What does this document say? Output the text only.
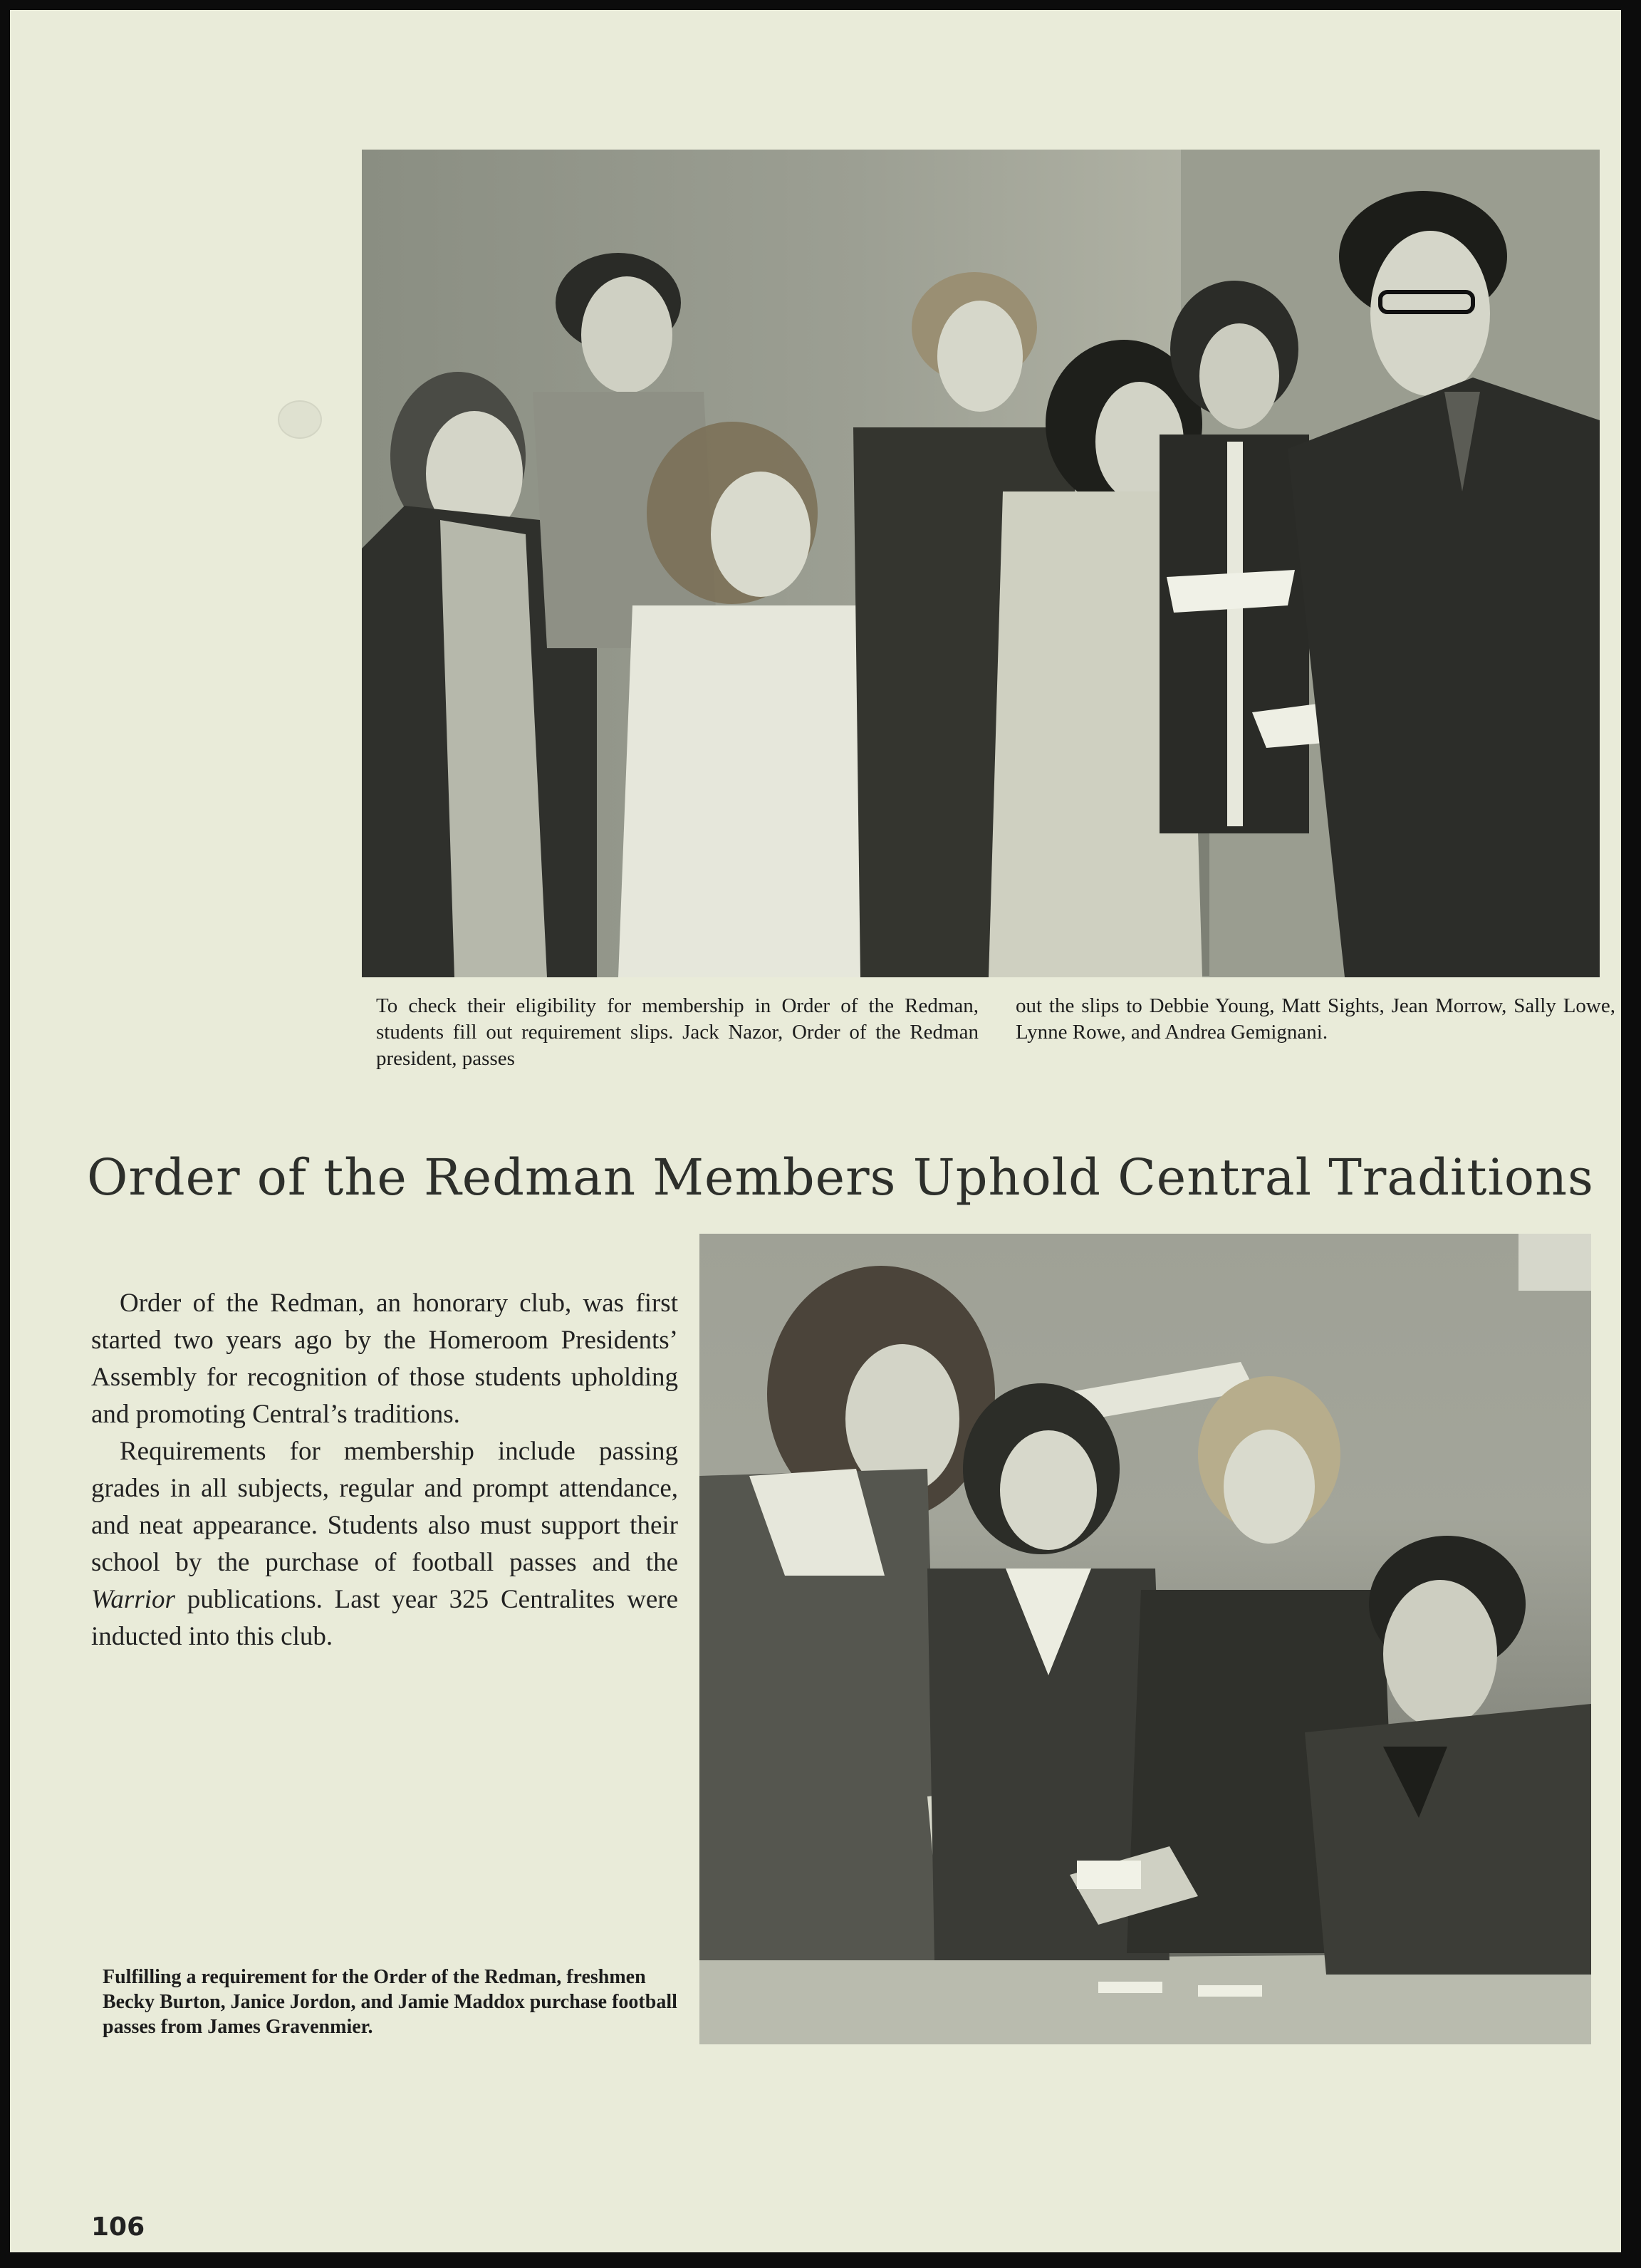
To check their eligibility for membership in Order of the Redman, students fill out requirement slips. Jack Nazor, Order of the Redman president, passes
out the slips to Debbie Young, Matt Sights, Jean Morrow, Sally Lowe, Lynne Rowe, and Andrea Gemignani.
Order of the Redman Members Uphold Central Traditions

Order of the Redman, an honorary club, was first started two years ago by the Homeroom Presidents’ Assembly for recognition of those students upholding and promoting Central’s traditions.

Requirements for membership include passing grades in all subjects, regular and prompt attendance, and neat appearance. Students also must support their school by the purchase of football passes and the Warrior publications. Last year 325 Centralites were inducted into this club.

Fulfilling a requirement for the Order of the Redman, freshmen Becky Burton, Janice Jordon, and Jamie Maddox purchase football passes from James Gravenmier.
106
